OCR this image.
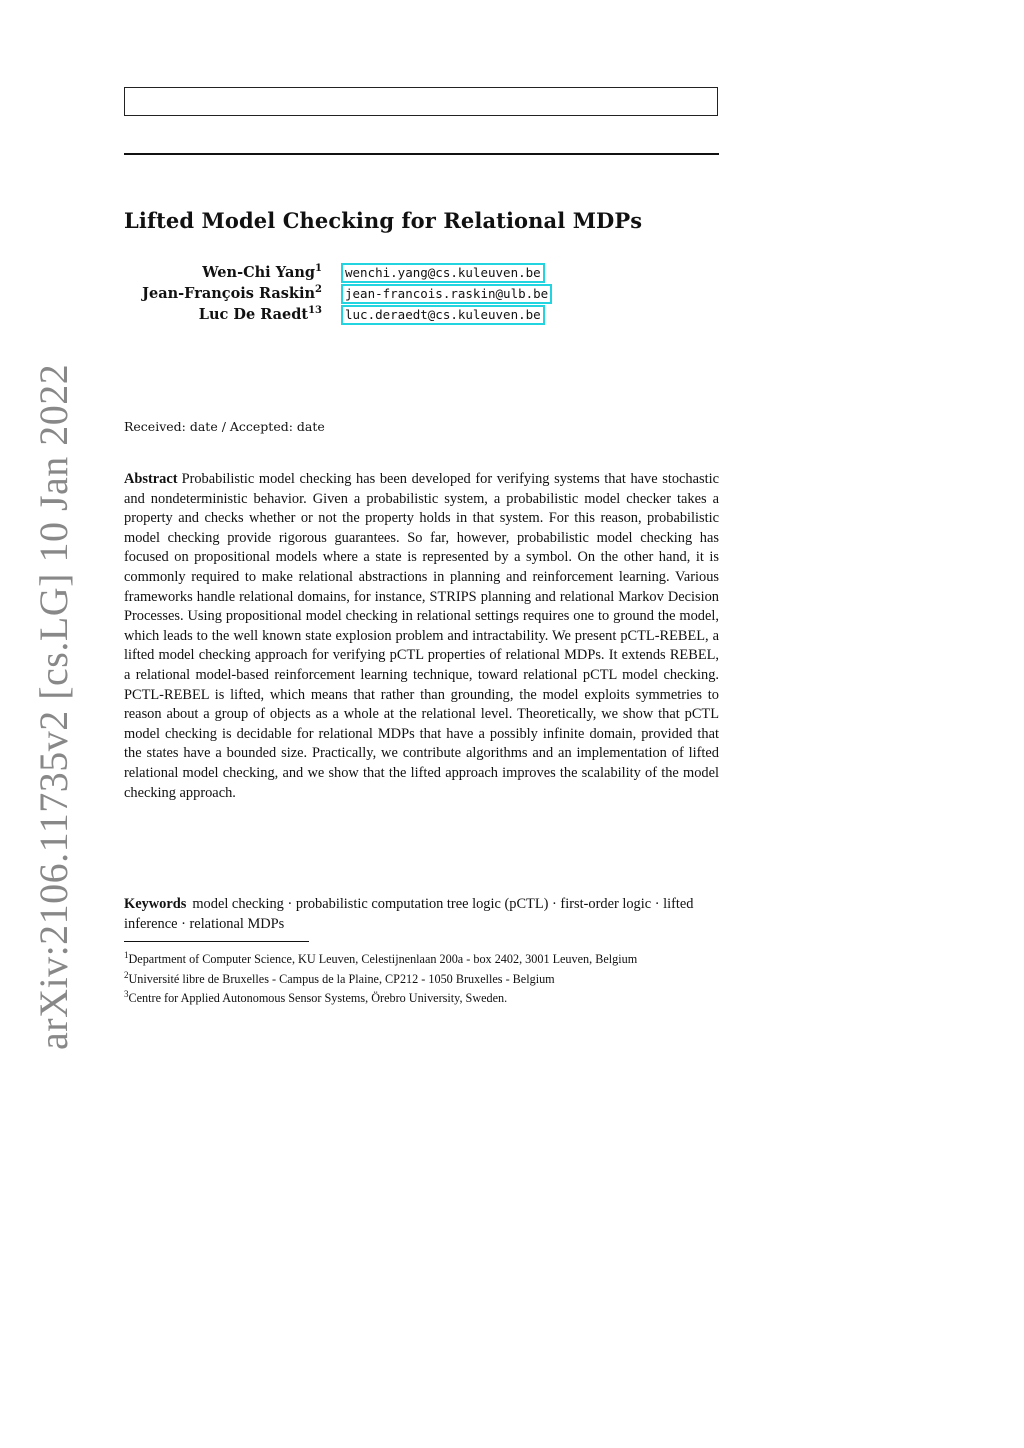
Lifted Model Checking for Relational MDPs
Wen-Chi Yang$^1$	wenchi.yang@cs.kuleuven.be
Jean-François Raskin$^2$	jean-francois.raskin@ulb.be
Luc De Raedt$^{13}$	luc.deraedt@cs.kuleuven.be
Received: date / Accepted: date
arXiv:2106.11735v2 [cs.LG] 10 Jan 2022	Abstract Probabilistic model checking has been developed for verifying systems that have stochastic and nondeterministic behavior. Given a probabilistic system, a probabilistic model checker takes a property and checks whether or not the property holds in that system. For this reason, probabilistic model checking provide rigorous guarantees. So far, however, probabilistic model checking has focused on propositional models where a state is represented by a symbol. On the other hand, it is commonly required to make relational abstractions in planning and reinforcement learning. Various frameworks handle relational domains, for instance, STRIPS planning and relational Markov Decision Processes. Using propositional model checking in relational settings requires one to ground the model, which leads to the well known state explosion problem and intractability. We present pCTL-REBEL, a lifted model checking approach for verifying pCTL properties of relational MDPs. It extends REBEL, a relational model-based reinforcement learning technique, toward relational pCTL model checking. PCTL-REBEL is lifted, which means that rather than grounding, the model exploits symmetries to reason about a group of objects as a whole at the relational level. Theoretically, we show that pCTL model checking is decidable for relational MDPs that have a possibly infinite domain, provided that the states have a bounded size. Practically, we contribute algorithms and an implementation of lifted relational model checking, and we show that the lifted approach improves the scalability of the model checking approach.

Keywords model checking · probabilistic computation tree logic (pCTL) · first-order logic · lifted inference · relational MDPs

$^1$Department of Computer Science, KU Leuven, Celestijnenlaan 200a - box 2402, 3001 Leuven, Belgium

$^2$Université libre de Bruxelles - Campus de la Plaine, CP212 - 1050 Bruxelles - Belgium

$^3$Centre for Applied Autonomous Sensor Systems, Örebro University, Sweden.
